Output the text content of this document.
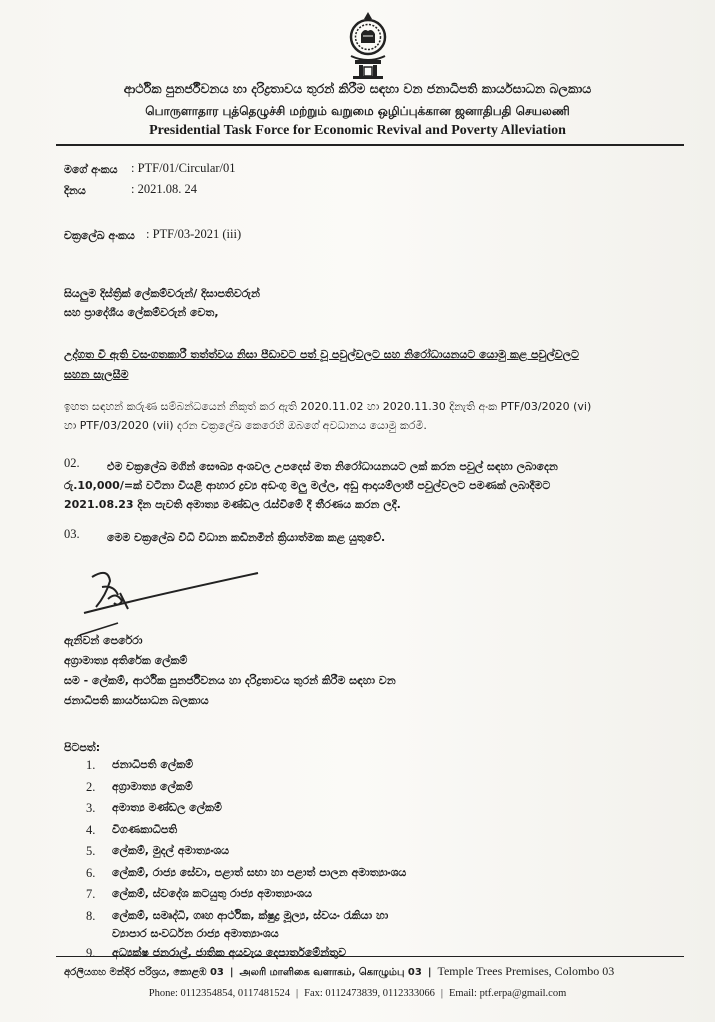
ආර්ථික පුනර්ජීවනය හා දරිද්‍රතාවය තුරන් කිරීම සඳහා වන ජනාධිපති කාර්යසාධන බලකාය
பொருளாதார புத்தெழுச்சி மற்றும் வறுமை ஒழிப்புக்கான ஜனாதிபதி செயலணி
Presidential Task Force for Economic Revival and Poverty Alleviation
මගේ අංකය : PTF/01/Circular/01
දිනය	: 2021.08. 24
චක්‍රලේඛ අංකය : PTF/03-2021 (iii)
සියලුම දිස්ත්‍රික් ලේකම්වරුන්/ දිසාපතිවරුන්
සහ ප්‍රාදේශීය ලේකම්වරුන් වෙත,
උද්ගත වී ඇති වසංගතකාරී තත්ත්වය නිසා පීඩාවට පත් වූ පවුල්වලට සහ නිරෝධායනයට යොමු කළ පවුල්වලට
සහන සැලසීම
ඉහත සඳහන් කරුණ සම්බන්ධයෙන් නිකුත් කර ඇති 2020.11.02 හා 2020.11.30 දිනැති අංක PTF/03/2020 (vi)
හා PTF/03/2020 (vii) දරන චක්‍රලේඛ කෙරෙහි ඔබගේ අවධානය යොමු කරමි.
02. එම චක්‍රලේඛ මගින් සෞඛ්‍ය අංශවල උපදෙස් මත නිරෝධායනයට ලක් කරන පවුල් සඳහා ලබාදෙන
රු.10,000/=ක් වටිනා වියළි ආහාර ද්‍රව්‍ය අඩංගු මලු මල්ල, අඩු ආදායම්ලාභී පවුල්වලට පමණක් ලබාදීමට
2021.08.23 දින පැවති අමාත්‍ය මණ්ඩල රැස්වීමේ දී තීරණය කරන ලදී.
03. මෙම චක්‍රලේඛ විධි විධාන කඩිනමින් ක්‍රියාත්මක කළ යුතුවේ.
ඇනිවන් පෙරේරා
අග්‍රාමාත්‍ය අතිරේක ලේකම්
සම - ලේකම්, ආර්ථික පුනර්ජීවනය හා දරිද්‍රතාවය තුරන් කිරීම සඳහා වන
ජනාධිපති කාර්යසාධන බලකාය
පිටපත්:
1.	ජනාධිපති ලේකම්
2.	අග්‍රාමාත්‍ය ලේකම්
3.	අමාත්‍ය මණ්ඩල ලේකම්
4.	විගණකාධිපති
5.	ලේකම්, මුදල් අමාත්‍යංශය
6.	ලේකම්, රාජ්‍ය සේවා, පළාත් සභා හා පළාත් පාලන අමාත්‍යාංශය
7.	ලේකම්, ස්වදේශ කටයුතු රාජ්‍ය අමාත්‍යාංශය
8.	ලේකම්, සමෘද්ධි, ගෘහ ආර්ථික, ක්ෂුද්‍ර මූල්‍ය, ස්වයං රැකියා හා
ව්‍යාපාර සංවර්ධන රාජ්‍ය අමාත්‍යාංශය
9.	අධ්‍යක්ෂ ජනරාල්, ජාතික අයවැය දෙපාර්තමේන්තුව
අරලියගහ මන්දිර පරිශ්‍රය, කොළඹ 03 | அலரி மாளிகை வளாகம், கொழும்பு 03 | Temple Trees Premises, Colombo 03
Phone: 0112354854, 0117481524 | Fax: 0112473839, 0112333066 | Email: ptf.erpa@gmail.com
